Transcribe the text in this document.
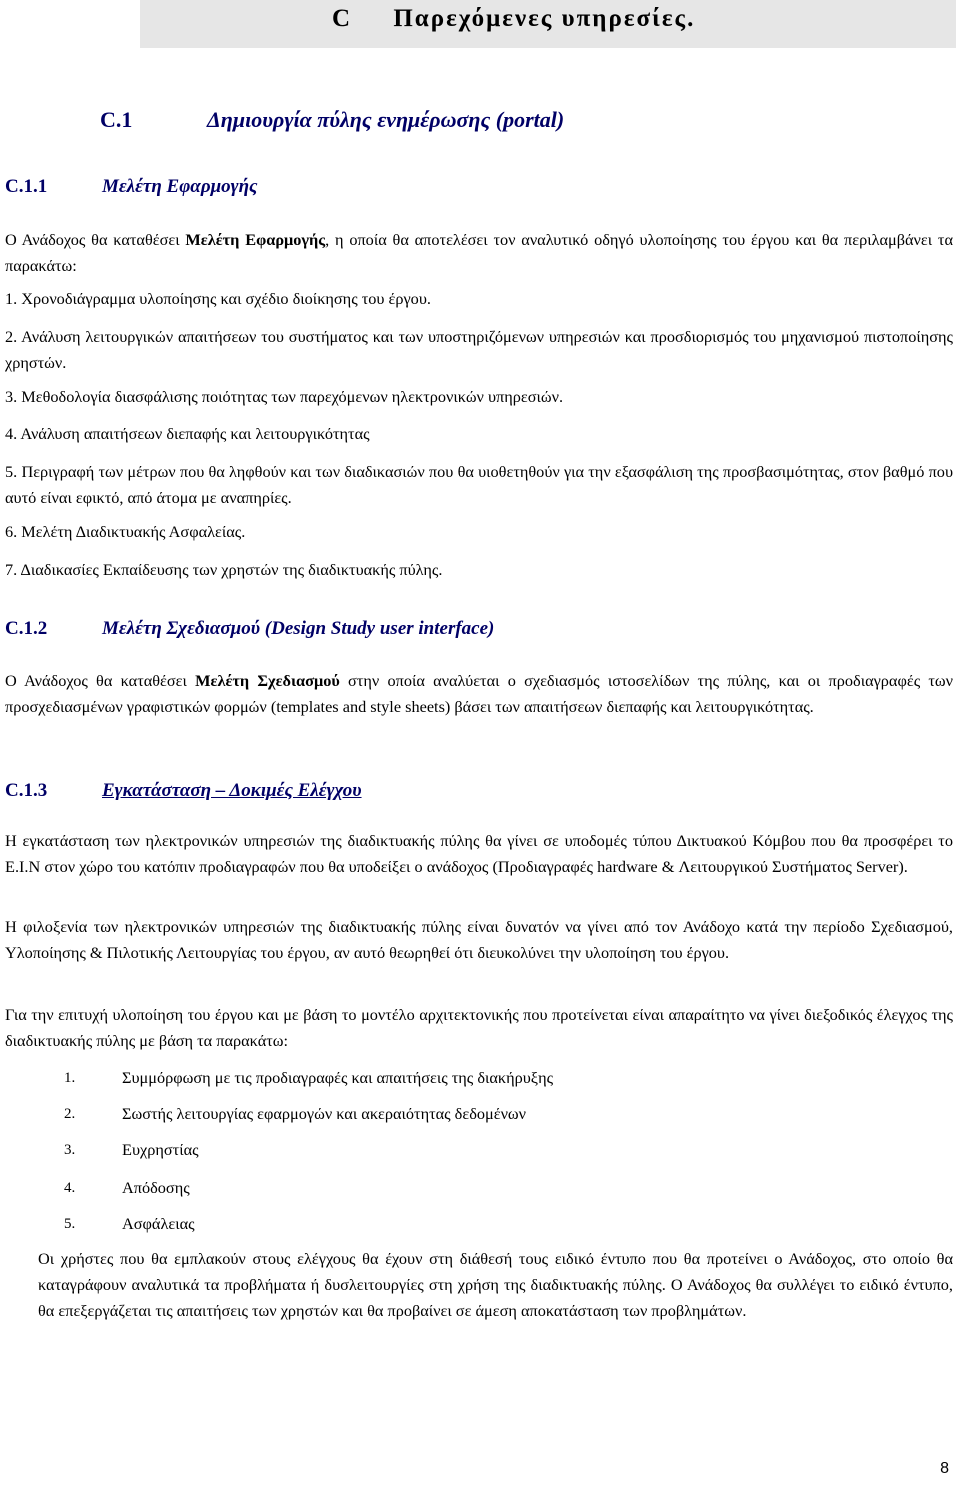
C Παρεχόμενες υπηρεσίες.
C.1	Δημιουργία πύλης ενημέρωσης (portal)
C.1.1	Μελέτη Εφαρμογής
Ο Ανάδοχος θα καταθέσει Μελέτη Εφαρμογής, η οποία θα αποτελέσει τον αναλυτικό οδηγό υλοποίησης του έργου και θα περιλαμβάνει τα παρακάτω:
1. Χρονοδιάγραμμα υλοποίησης και σχέδιο διοίκησης του έργου.
2. Ανάλυση λειτουργικών απαιτήσεων του συστήματος και των υποστηριζόμενων υπηρεσιών και προσδιορισμός του μηχανισμού πιστοποίησης χρηστών.
3. Μεθοδολογία διασφάλισης ποιότητας των παρεχόμενων ηλεκτρονικών υπηρεσιών.
4. Ανάλυση απαιτήσεων διεπαφής και λειτουργικότητας
5. Περιγραφή των μέτρων που θα ληφθούν και των διαδικασιών που θα υιοθετηθούν για την εξασφάλιση της προσβασιμότητας, στον βαθμό που αυτό είναι εφικτό, από άτομα με αναπηρίες.
6. Μελέτη Διαδικτυακής Ασφαλείας.
7. Διαδικασίες Εκπαίδευσης των χρηστών της διαδικτυακής πύλης.
C.1.2	Μελέτη Σχεδιασμού (Design Study user interface)
Ο Ανάδοχος θα καταθέσει Μελέτη Σχεδιασμού στην οποία αναλύεται ο σχεδιασμός ιστοσελίδων της πύλης, και οι προδιαγραφές των προσχεδιασμένων γραφιστικών φορμών (templates and style sheets) βάσει των απαιτήσεων διεπαφής και λειτουργικότητας.
C.1.3	Εγκατάσταση – Δοκιμές Ελέγχου
Η εγκατάσταση των ηλεκτρονικών υπηρεσιών της διαδικτυακής πύλης θα γίνει σε υποδομές τύπου Δικτυακού Κόμβου που θα προσφέρει το Ε.Ι.Ν στον χώρο του κατόπιν προδιαγραφών που θα υποδείξει ο ανάδοχος (Προδιαγραφές hardware & Λειτουργικού Συστήματος Server).
Η φιλοξενία των ηλεκτρονικών υπηρεσιών της διαδικτυακής πύλης είναι δυνατόν να γίνει από τον Ανάδοχο κατά την περίοδο Σχεδιασμού, Υλοποίησης & Πιλοτικής Λειτουργίας του έργου, αν αυτό θεωρηθεί ότι διευκολύνει την υλοποίηση του έργου.
Για την επιτυχή υλοποίηση του έργου και με βάση το μοντέλο αρχιτεκτονικής που προτείνεται είναι απαραίτητο να γίνει διεξοδικός έλεγχος της διαδικτυακής πύλης με βάση τα παρακάτω:
1.	Συμμόρφωση με τις προδιαγραφές και απαιτήσεις της διακήρυξης
2.	Σωστής λειτουργίας εφαρμογών και ακεραιότητας δεδομένων
3.	Ευχρηστίας
4.	Απόδοσης
5.	Ασφάλειας
Οι χρήστες που θα εμπλακούν στους ελέγχους θα έχουν στη διάθεσή τους ειδικό έντυπο που θα προτείνει ο Ανάδοχος, στο οποίο θα καταγράφουν αναλυτικά τα προβλήματα ή δυσλειτουργίες στη χρήση της διαδικτυακής πύλης. Ο Ανάδοχος θα συλλέγει το ειδικό έντυπο, θα επεξεργάζεται τις απαιτήσεις των χρηστών και θα προβαίνει σε άμεση αποκατάσταση των προβλημάτων.
8
